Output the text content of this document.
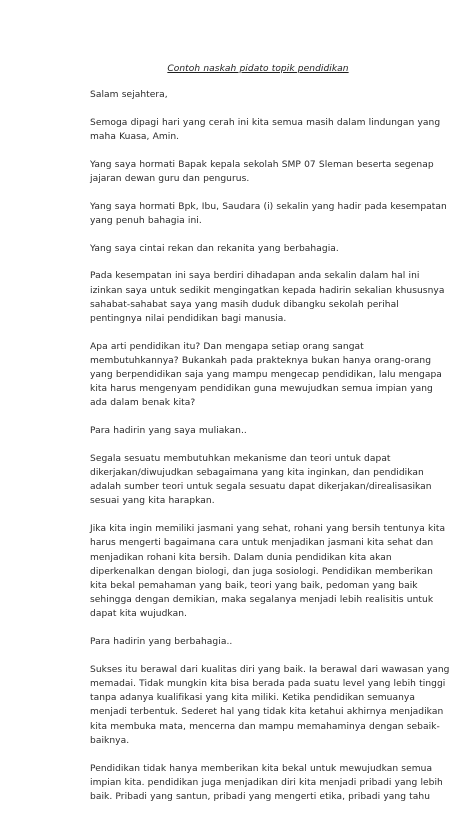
Contoh naskah pidato topik pendidikan
Salam sejahtera,
Semoga dipagi hari yang cerah ini kita semua masih dalam lindungan yang
maha Kuasa, Amin.
Yang saya hormati Bapak kepala sekolah SMP 07 Sleman beserta segenap
jajaran dewan guru dan pengurus.
Yang saya hormati Bpk, Ibu, Saudara (i) sekalin yang hadir pada kesempatan
yang penuh bahagia ini.
Yang saya cintai rekan dan rekanita yang berbahagia.
Pada kesempatan ini saya berdiri dihadapan anda sekalin dalam hal ini
izinkan saya untuk sedikit mengingatkan kepada hadirin sekalian khususnya
sahabat-sahabat saya yang masih duduk dibangku sekolah perihal
pentingnya nilai pendidikan bagi manusia.
Apa arti pendidikan itu? Dan mengapa setiap orang sangat
membutuhkannya? Bukankah pada prakteknya bukan hanya orang-orang
yang berpendidikan saja yang mampu mengecap pendidikan, lalu mengapa
kita harus mengenyam pendidikan guna mewujudkan semua impian yang
ada dalam benak kita?
Para hadirin yang saya muliakan..
Segala sesuatu membutuhkan mekanisme dan teori untuk dapat
dikerjakan/diwujudkan sebagaimana yang kita inginkan, dan pendidikan
adalah sumber teori untuk segala sesuatu dapat dikerjakan/direalisasikan
sesuai yang kita harapkan.
Jika kita ingin memiliki jasmani yang sehat, rohani yang bersih tentunya kita
harus mengerti bagaimana cara untuk menjadikan jasmani kita sehat dan
menjadikan rohani kita bersih. Dalam dunia pendidikan kita akan
diperkenalkan dengan biologi, dan juga sosiologi. Pendidikan memberikan
kita bekal pemahaman yang baik, teori yang baik, pedoman yang baik
sehingga dengan demikian, maka segalanya menjadi lebih realisitis untuk
dapat kita wujudkan.
Para hadirin yang berbahagia..
Sukses itu berawal dari kualitas diri yang baik. Ia berawal dari wawasan yang
memadai. Tidak mungkin kita bisa berada pada suatu level yang lebih tinggi
tanpa adanya kualifikasi yang kita miliki. Ketika pendidikan semuanya
menjadi terbentuk. Sederet hal yang tidak kita ketahui akhirnya menjadikan
kita membuka mata, mencerna dan mampu memahaminya dengan sebaik-
baiknya.
Pendidikan tidak hanya memberikan kita bekal untuk mewujudkan semua
impian kita. pendidikan juga menjadikan diri kita menjadi pribadi yang lebih
baik. Pribadi yang santun, pribadi yang mengerti etika, pribadi yang tahu
